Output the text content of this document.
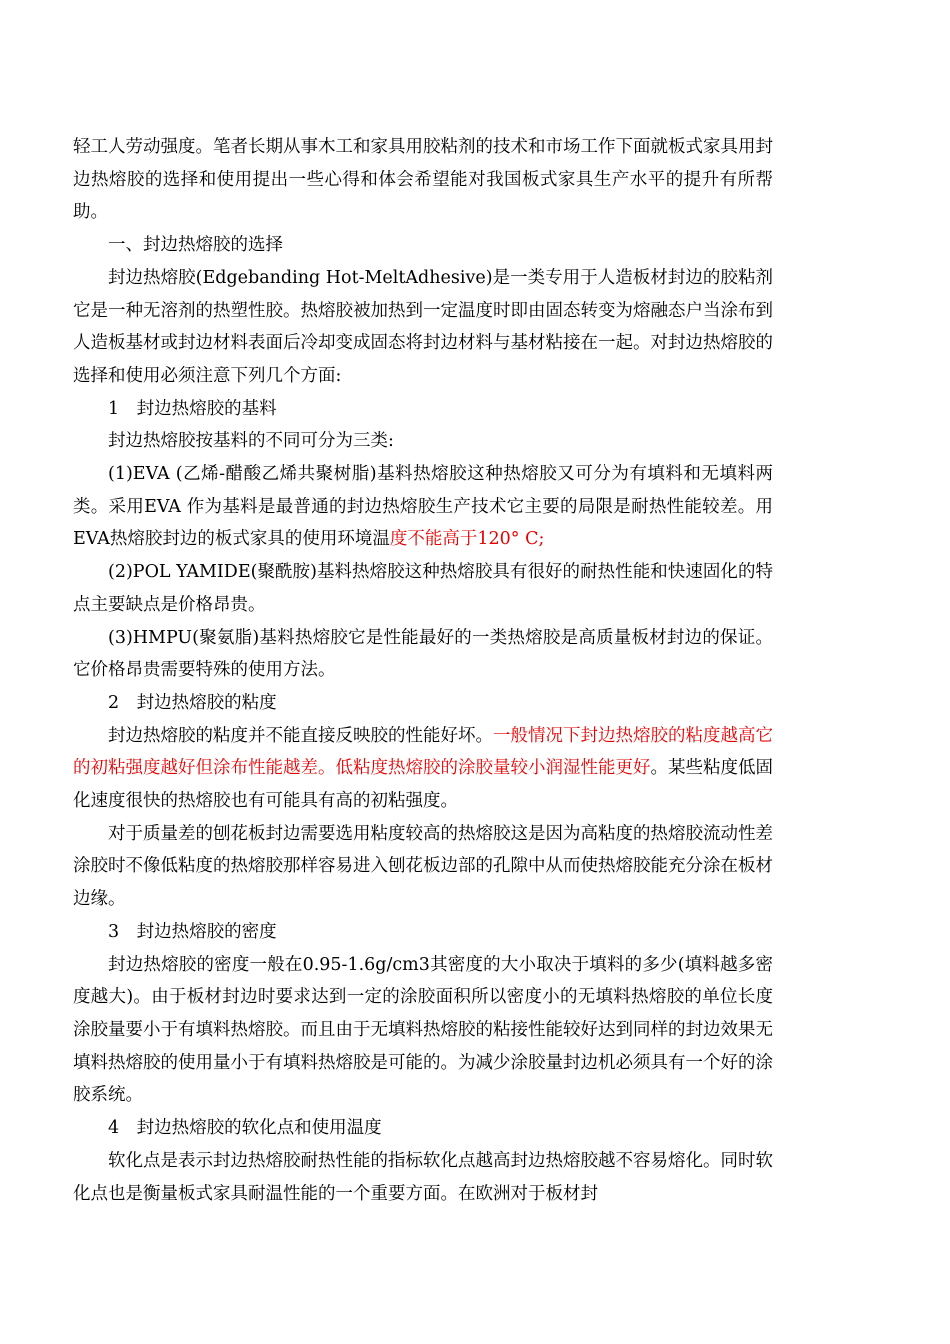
轻工人劳动强度。笔者长期从事木工和家具用胶粘剂的技术和市场工作下面就板式家具用封边热熔胶的选择和使用提出一些心得和体会希望能对我国板式家具生产水平的提升有所帮助。

一、封边热熔胶的选择

封边热熔胶(Edgebanding Hot-MeltAdhesive)是一类专用于人造板材封边的胶粘剂它是一种无溶剂的热塑性胶。热熔胶被加热到一定温度时即由固态转变为熔融态户当涂布到人造板基材或封边材料表面后冷却变成固态将封边材料与基材粘接在一起。对封边热熔胶的选择和使用必须注意下列几个方面:

1　封边热熔胶的基料

封边热熔胶按基料的不同可分为三类:

(1)EVA (乙烯-醋酸乙烯共聚树脂)基料热熔胶这种热熔胶又可分为有填料和无填料两类。采用EVA 作为基料是最普通的封边热熔胶生产技术它主要的局限是耐热性能较差。用EVA热熔胶封边的板式家具的使用环境温度不能高于120° C;

(2)POL YAMIDE(聚酰胺)基料热熔胶这种热熔胶具有很好的耐热性能和快速固化的特点主要缺点是价格昂贵。

(3)HMPU(聚氨脂)基料热熔胶它是性能最好的一类热熔胶是高质量板材封边的保证。它价格昂贵需要特殊的使用方法。

2　封边热熔胶的粘度

封边热熔胶的粘度并不能直接反映胶的性能好坏。一般情况下封边热熔胶的粘度越高它的初粘强度越好但涂布性能越差。低粘度热熔胶的涂胶量较小润湿性能更好。某些粘度低固化速度很快的热熔胶也有可能具有高的初粘强度。

对于质量差的刨花板封边需要选用粘度较高的热熔胶这是因为高粘度的热熔胶流动性差涂胶时不像低粘度的热熔胶那样容易进入刨花板边部的孔隙中从而使热熔胶能充分涂在板材边缘。

3　封边热熔胶的密度

封边热熔胶的密度一般在0.95-1.6g/cm3其密度的大小取决于填料的多少(填料越多密度越大)。由于板材封边时要求达到一定的涂胶面积所以密度小的无填料热熔胶的单位长度涂胶量要小于有填料热熔胶。而且由于无填料热熔胶的粘接性能较好达到同样的封边效果无填料热熔胶的使用量小于有填料热熔胶是可能的。为减少涂胶量封边机必须具有一个好的涂胶系统。

4　封边热熔胶的软化点和使用温度

软化点是表示封边热熔胶耐热性能的指标软化点越高封边热熔胶越不容易熔化。同时软化点也是衡量板式家具耐温性能的一个重要方面。在欧洲对于板材封
